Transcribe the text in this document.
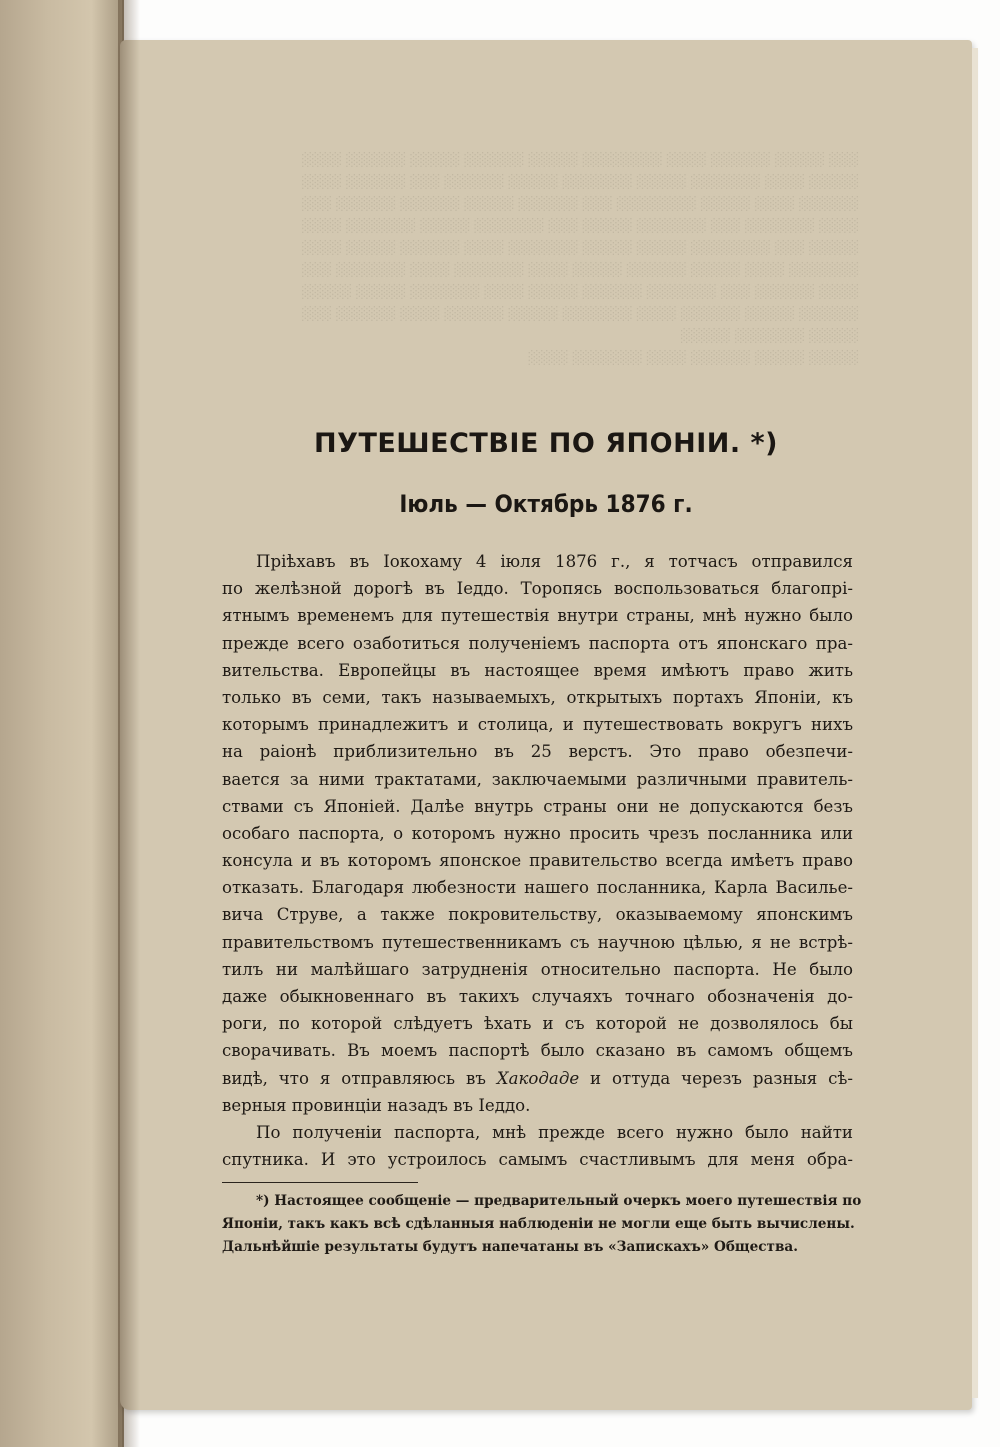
░░░ ░░░░░ ░░░░░░ ░░░░ ░░░░░░░░ ░░░░░ ░░░░░░ ░░░░░ ░░░░░░ ░░░░
░░░░░ ░░░░ ░░░░░░░ ░░░░░ ░░░░░░░ ░░░░░ ░░░░░░ ░░░ ░░░░░░ ░░░░
░░░░░░ ░░░░ ░░░░░ ░░░░░░░░ ░░░ ░░░░░░ ░░░░░ ░░░░░░ ░░░░░░ ░░░
░░░░ ░░░░░░░ ░░░ ░░░░░░░ ░░░░░ ░░░ ░░░░░░░ ░░░░░ ░░░░░░░ ░░░░
░░░░░ ░░░ ░░░░░░░░ ░░░░░ ░░░░░ ░░░░░░░ ░░░░ ░░░░░░ ░░░░░ ░░░░
░░░░░░░ ░░░░ ░░░░░ ░░░░░░ ░░░░░ ░░░░ ░░░░░░░ ░░░░ ░░░░░░░ ░░░
░░░░ ░░░░░░ ░░░ ░░░░░░░ ░░░░░░ ░░░░░ ░░░░ ░░░░░░░ ░░░░░ ░░░░░
░░░░░░ ░░░░░ ░░░░░░ ░░░░ ░░░░░░░ ░░░░░ ░░░░░░ ░░░░ ░░░░░░ ░░░
░░░░░ ░░░░░░░ ░░░░░
░░░░░ ░░░░░ ░░░░░░ ░░░░ ░░░░░░░ ░░░░
ПУТЕШЕСТВІЕ ПО ЯПОНІИ. *)
Іюль — Октябрь 1876 г.
Пріѣхавъ въ Іокохаму 4 іюля 1876 г., я тотчасъ отправился
по желѣзной дорогѣ въ Іеддо. Торопясь воспользоваться благопрі-
ятнымъ временемъ для путешествія внутри страны, мнѣ нужно было
прежде всего озаботиться полученіемъ паспорта отъ японскаго пра-
вительства. Европейцы въ настоящее время имѣютъ право жить
только въ семи, такъ называемыхъ, открытыхъ портахъ Японіи, къ
которымъ принадлежитъ и столица, и путешествовать вокругъ нихъ
на раіонѣ приблизительно въ 25 верстъ. Это право обезпечи-
вается за ними трактатами, заключаемыми различными правитель-
ствами съ Японіей. Далѣе внутрь страны они не допускаются безъ
особаго паспорта, о которомъ нужно просить чрезъ посланника или
консула и въ которомъ японское правительство всегда имѣетъ право
отказать. Благодаря любезности нашего посланника, Карла Василье-
вича Струве, а также покровительству, оказываемому японскимъ
правительствомъ путешественникамъ съ научною цѣлью, я не встрѣ-
тилъ ни малѣйшаго затрудненія относительно паспорта. Не было
даже обыкновеннаго въ такихъ случаяхъ точнаго обозначенія до-
роги, по которой слѣдуетъ ѣхать и съ которой не дозволялось бы
сворачивать. Въ моемъ паспортѣ было сказано въ самомъ общемъ
видѣ, что я отправляюсь въ Хакодаде и оттуда черезъ разныя сѣ-
верныя провинціи назадъ въ Іеддо.
По полученіи паспорта, мнѣ прежде всего нужно было найти
спутника. И это устроилось самымъ счастливымъ для меня обра-
*) Настоящее сообщеніе — предварительный очеркъ моего путешествія по
Японіи, такъ какъ всѣ сдѣланныя наблюденіи не могли еще быть вычислены.
Дальнѣйшіе результаты будутъ напечатаны въ «Запискахъ» Общества.
